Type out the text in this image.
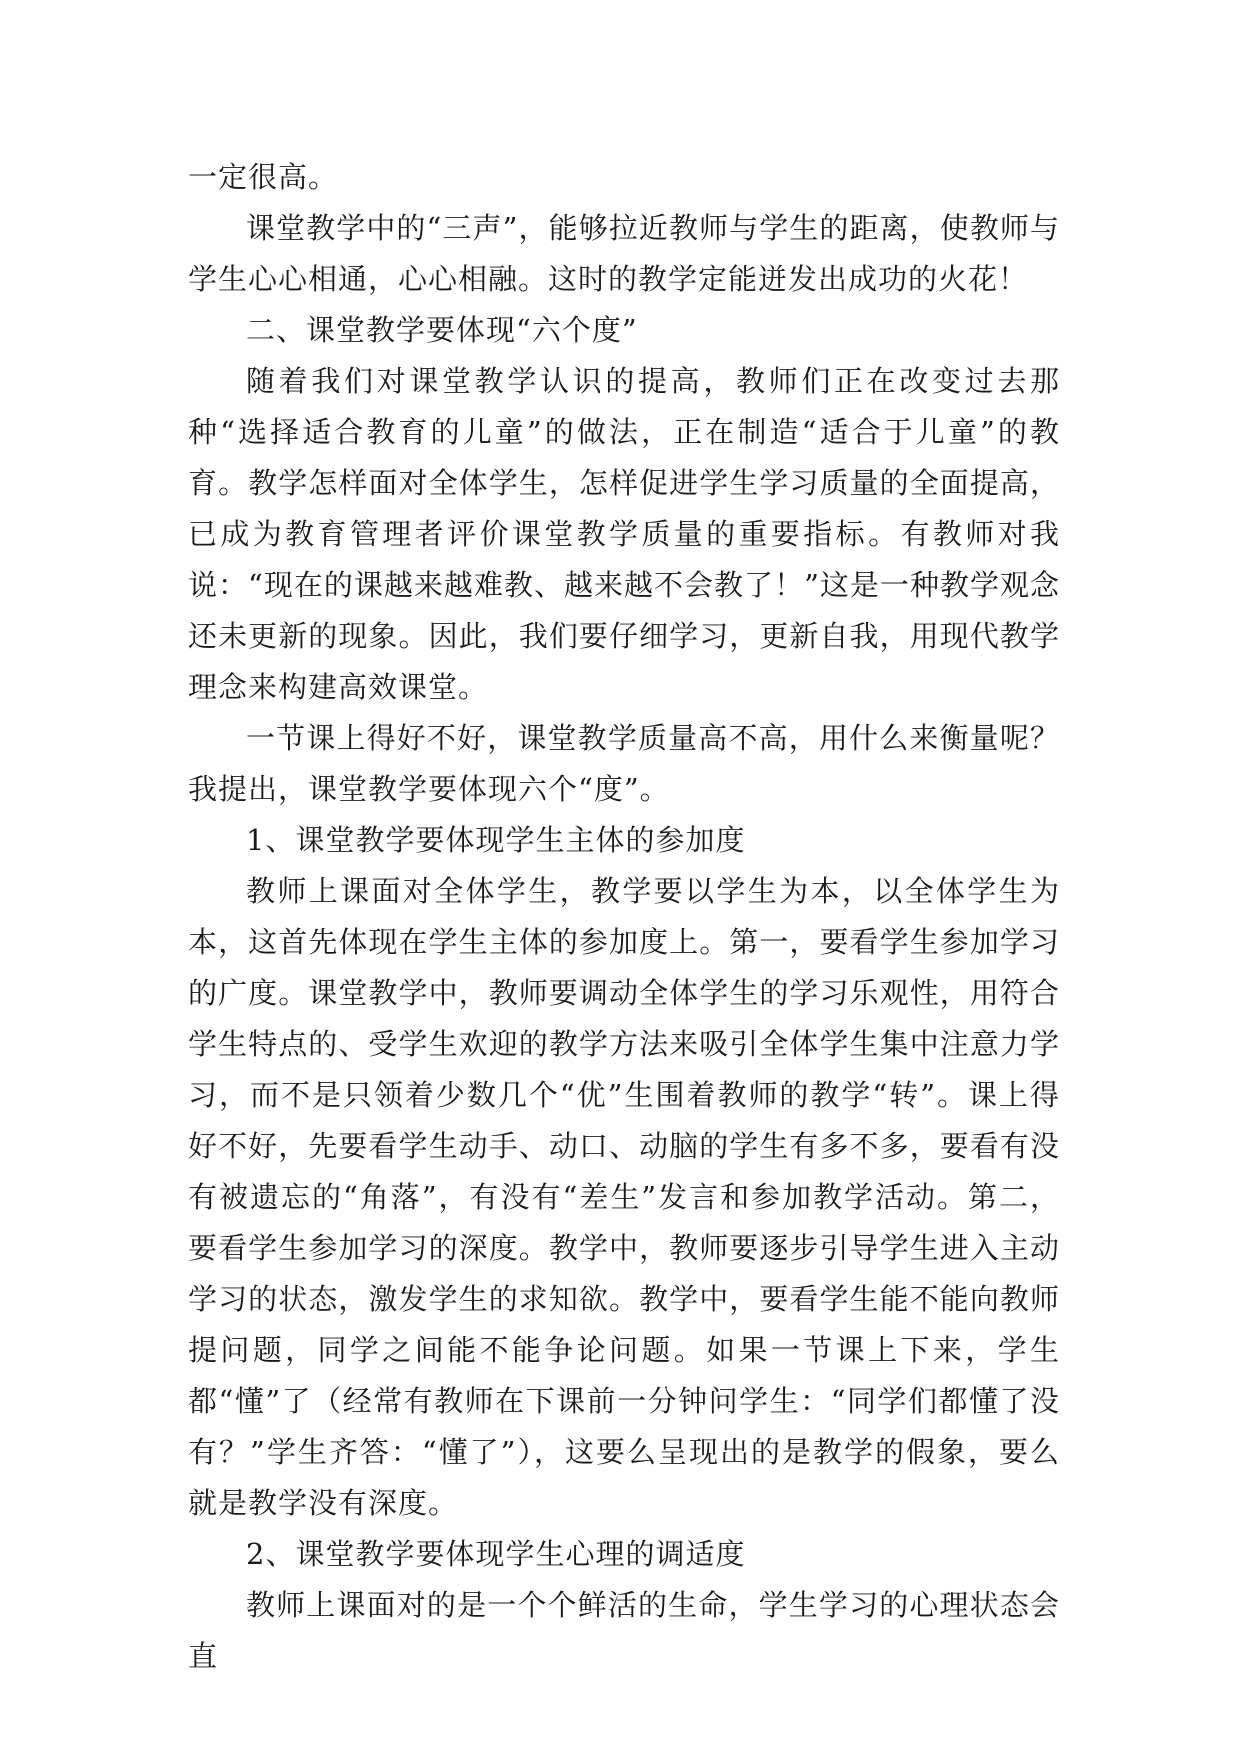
一定很高。

课堂教学中的“三声”，能够拉近教师与学生的距离，使教师与学生心心相通，心心相融。这时的教学定能迸发出成功的火花！

二、课堂教学要体现“六个度”

随着我们对课堂教学认识的提高，教师们正在改变过去那种“选择适合教育的儿童”的做法，正在制造“适合于儿童”的教育。教学怎样面对全体学生，怎样促进学生学习质量的全面提高，已成为教育管理者评价课堂教学质量的重要指标。有教师对我说：“现在的课越来越难教、越来越不会教了！”这是一种教学观念还未更新的现象。因此，我们要仔细学习，更新自我，用现代教学理念来构建高效课堂。

一节课上得好不好，课堂教学质量高不高，用什么来衡量呢？我提出，课堂教学要体现六个“度”。

1、课堂教学要体现学生主体的参加度

教师上课面对全体学生，教学要以学生为本，以全体学生为本，这首先体现在学生主体的参加度上。第一，要看学生参加学习的广度。课堂教学中，教师要调动全体学生的学习乐观性，用符合学生特点的、受学生欢迎的教学方法来吸引全体学生集中注意力学习，而不是只领着少数几个“优”生围着教师的教学“转”。课上得好不好，先要看学生动手、动口、动脑的学生有多不多，要看有没有被遗忘的“角落”，有没有“差生”发言和参加教学活动。第二，要看学生参加学习的深度。教学中，教师要逐步引导学生进入主动学习的状态，激发学生的求知欲。教学中，要看学生能不能向教师提问题，同学之间能不能争论问题。如果一节课上下来，学生都“懂”了（经常有教师在下课前一分钟问学生：“同学们都懂了没有？”学生齐答：“懂了”），这要么呈现出的是教学的假象，要么就是教学没有深度。

2、课堂教学要体现学生心理的调适度

教师上课面对的是一个个鲜活的生命，学生学习的心理状态会直
